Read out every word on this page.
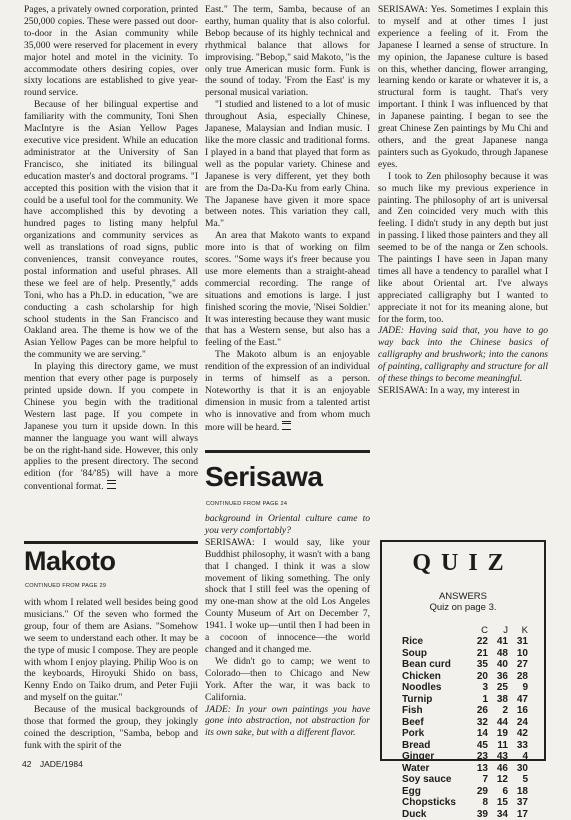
Pages, a privately owned corporation, printed 250,000 copies. These were passed out door-to-door in the Asian community while 35,000 were reserved for placement in every major hotel and motel in the vicinity. To accommodate others desiring copies, over sixty locations are established to give year-round service.

Because of her bilingual expertise and familiarity with the community, Toni Shen MacIntyre is the Asian Yellow Pages executive vice president. While an education administrator at the University of San Francisco, she initiated its bilingual education master's and doctoral programs. "I accepted this position with the vision that it could be a useful tool for the community. We have accomplished this by devoting a hundred pages to listing many helpful organizations and community services as well as translations of road signs, public conveniences, transit conveyance routes, postal information and useful phrases. All these we feel are of help. Presently," adds Toni, who has a Ph.D. in education, "we are conducting a cash scholarship for high school students in the San Francisco and Oakland area. The theme is how we of the Asian Yellow Pages can be more helpful to the community we are serving."

In playing this directory game, we must mention that every other page is purposely printed upside down. If you compete in Chinese you begin with the traditional Western last page. If you compete in Japanese you turn it upside down. In this manner the language you want will always be on the right-hand side. However, this only applies to the present directory. The second edition (for '84/'85) will have a more conventional format.

Makoto
CONTINUED FROM PAGE 29

with whom I related well besides being good musicians." Of the seven who formed the group, four of them are Asians. "Somehow we seem to understand each other. It may be the type of music I compose. They are people with whom I enjoy playing. Philip Woo is on the keyboards, Hiroyuki Shido on bass, Kenny Endo on Taiko drum, and Peter Fujii and myself on the guitar."

Because of the musical backgrounds of those that formed the group, they jokingly coined the description, "Samba, bebop and funk with the spirit of the

East." The term, Samba, because of an earthy, human quality that is also colorful. Bebop because of its highly technical and rhythmical balance that allows for improvising. "Bebop," said Makoto, "is the only true American music form. Funk is the sound of today. 'From the East' is my personal musical variation.

"I studied and listened to a lot of music throughout Asia, especially Chinese, Japanese, Malaysian and Indian music. I like the more classic and traditional forms. I played in a band that played that form as well as the popular variety. Chinese and Japanese is very different, yet they both are from the Da-Da-Ku from early China. The Japanese have given it more space between notes. This variation they call, Ma."

An area that Makoto wants to expand more into is that of working on film scores. "Some ways it's freer because you use more elements than a straight-ahead commercial recording. The range of situations and emotions is large. I just finished scoring the movie, 'Nisei Soldier.' It was interesting because they want music that has a Western sense, but also has a feeling of the East."

The Makoto album is an enjoyable rendition of the expression of an individual in terms of himself as a person. Noteworthy is that it is an enjoyable dimension in music from a talented artist who is innovative and from whom much more will be heard.

Serisawa
CONTINUED FROM PAGE 24

background in Oriental culture came to you very comfortably?

SERISAWA: I would say, like your Buddhist philosophy, it wasn't with a bang that I changed. I think it was a slow movement of liking something. The only shock that I still feel was the opening of my one-man show at the old Los Angeles County Museum of Art on December 7, 1941. I woke up—until then I had been in a cocoon of innocence—the world changed and it changed me.

We didn't go to camp; we went to Colorado—then to Chicago and New York. After the war, it was back to California.

JADE: In your own paintings you have gone into abstraction, not abstraction for its own sake, but with a different flavor.

SERISAWA: Yes. Sometimes I explain this to myself and at other times I just experience a feeling of it. From the Japanese I learned a sense of structure. In my opinion, the Japanese culture is based on this, whether dancing, flower arranging, learning kendo or karate or whatever it is, a structural form is taught. That's very important. I think I was influenced by that in Japanese painting. I began to see the great Chinese Zen paintings by Mu Chi and others, and the great Japanese nanga painters such as Gyokudo, through Japanese eyes.

I took to Zen philosophy because it was so much like my previous experience in painting. The philosophy of art is universal and Zen coincided very much with this feeling. I didn't study in any depth but just in passing. I liked those painters and they all seemed to be of the nanga or Zen schools. The paintings I have seen in Japan many times all have a tendency to parallel what I like about Oriental art. I've always appreciated calligraphy but I wanted to appreciate it not for its meaning alone, but for the form, too.

JADE: Having said that, you have to go way back into the Chinese basics of calligraphy and brushwork; into the canons of painting, calligraphy and structure for all of these things to become meaningful.

SERISAWA: In a way, my interest in

QUIZ
ANSWERS
Quiz on page 3.
	C	J	K
Rice	22	41	31
Soup	21	48	10
Bean curd	35	40	27
Chicken	20	36	28
Noodles	3	25	9
Turnip	1	38	47
Fish	26	2	16
Beef	32	44	24
Pork	14	19	42
Bread	45	11	33
Ginger	23	43	4
Water	13	46	30
Soy sauce	7	12	5
Egg	29	6	18
Chopsticks	8	15	37
Duck	39	34	17
42 JADE/1984
